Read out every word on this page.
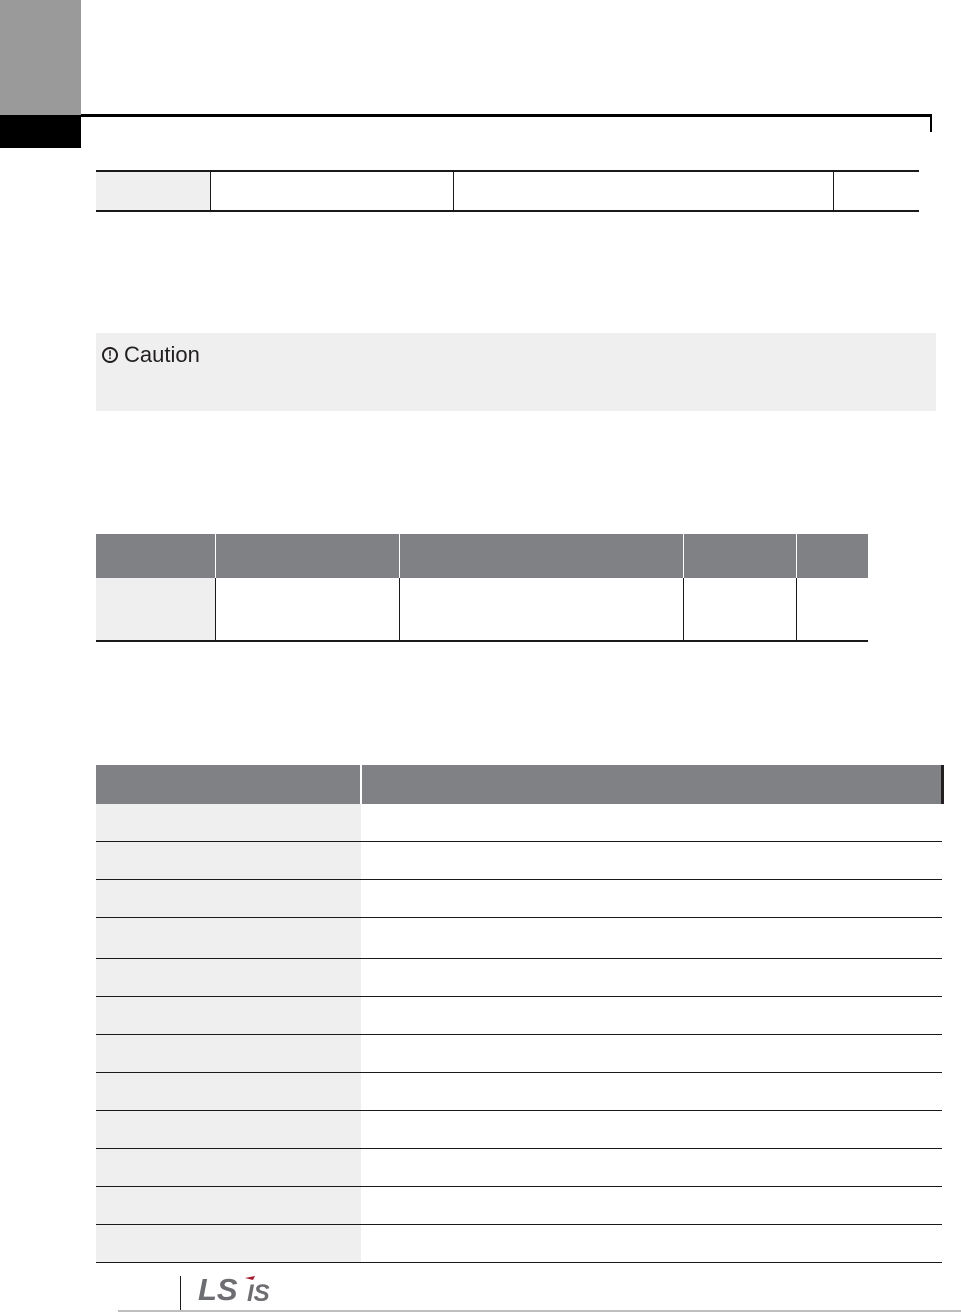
! Caution

LS IS
